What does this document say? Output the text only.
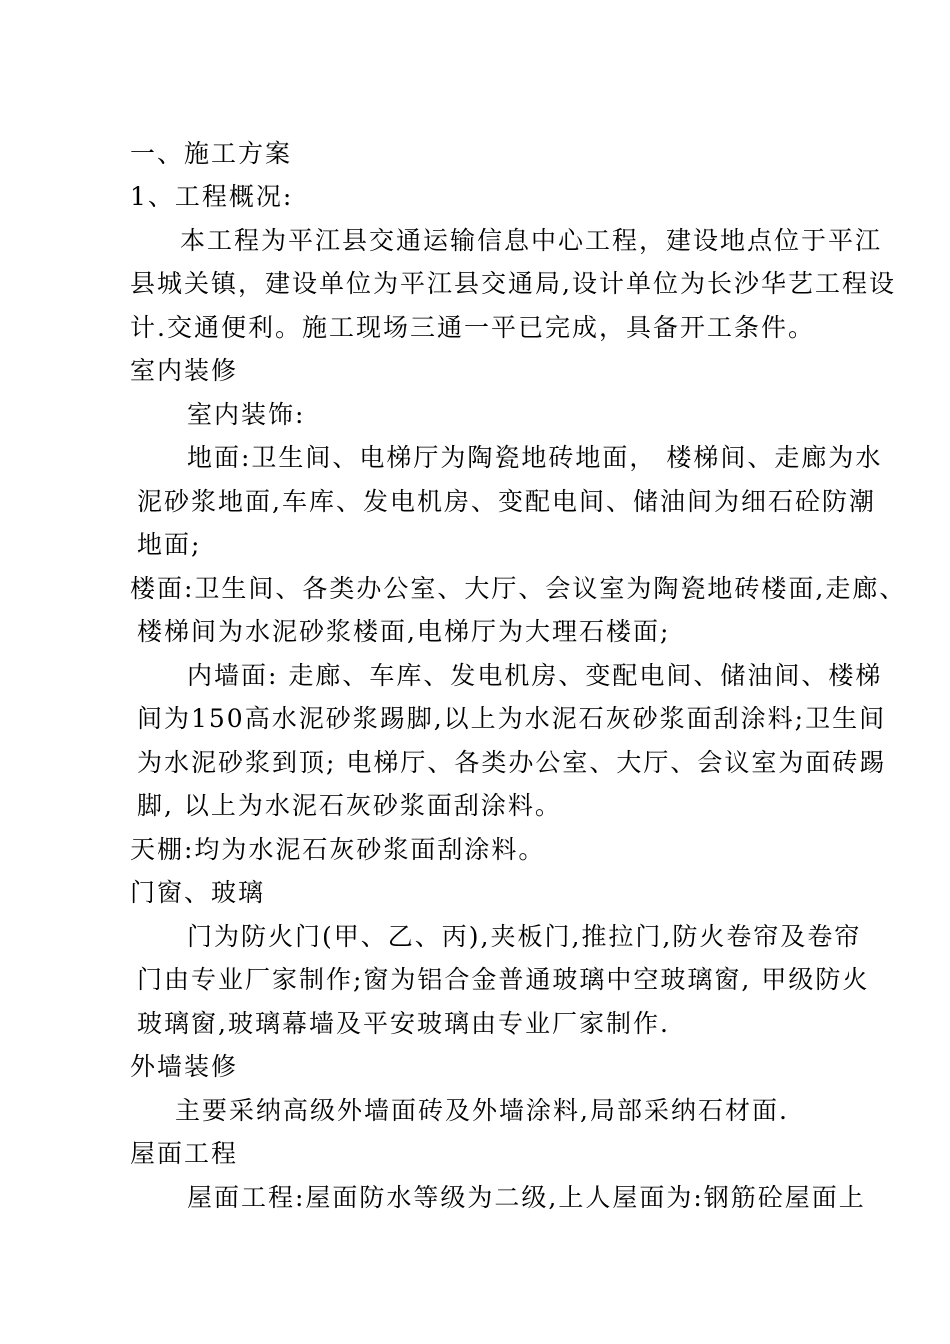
一、施工方案
1、工程概况:
本工程为平江县交通运输信息中心工程，建设地点位于平江
县城关镇，建设单位为平江县交通局,设计单位为长沙华艺工程设
计.交通便利。施工现场三通一平已完成，具备开工条件。
室内装修
室内装饰:
地面:卫生间、电梯厅为陶瓷地砖地面， 楼梯间、走廊为水
泥砂浆地面,车库、发电机房、变配电间、储油间为细石砼防潮
地面;
楼面:卫生间、各类办公室、大厅、会议室为陶瓷地砖楼面,走廊、
楼梯间为水泥砂浆楼面,电梯厅为大理石楼面;
内墙面: 走廊、车库、发电机房、变配电间、储油间、楼梯
间为150高水泥砂浆踢脚,以上为水泥石灰砂浆面刮涂料;卫生间
为水泥砂浆到顶; 电梯厅、各类办公室、大厅、会议室为面砖踢
脚, 以上为水泥石灰砂浆面刮涂料。
天棚:均为水泥石灰砂浆面刮涂料。
门窗、玻璃
门为防火门(甲、乙、丙),夹板门,推拉门,防火卷帘及卷帘
门由专业厂家制作;窗为铝合金普通玻璃中空玻璃窗, 甲级防火
玻璃窗,玻璃幕墙及平安玻璃由专业厂家制作.
外墙装修
主要采纳高级外墙面砖及外墙涂料,局部采纳石材面.
屋面工程
屋面工程:屋面防水等级为二级,上人屋面为:钢筋砼屋面上
